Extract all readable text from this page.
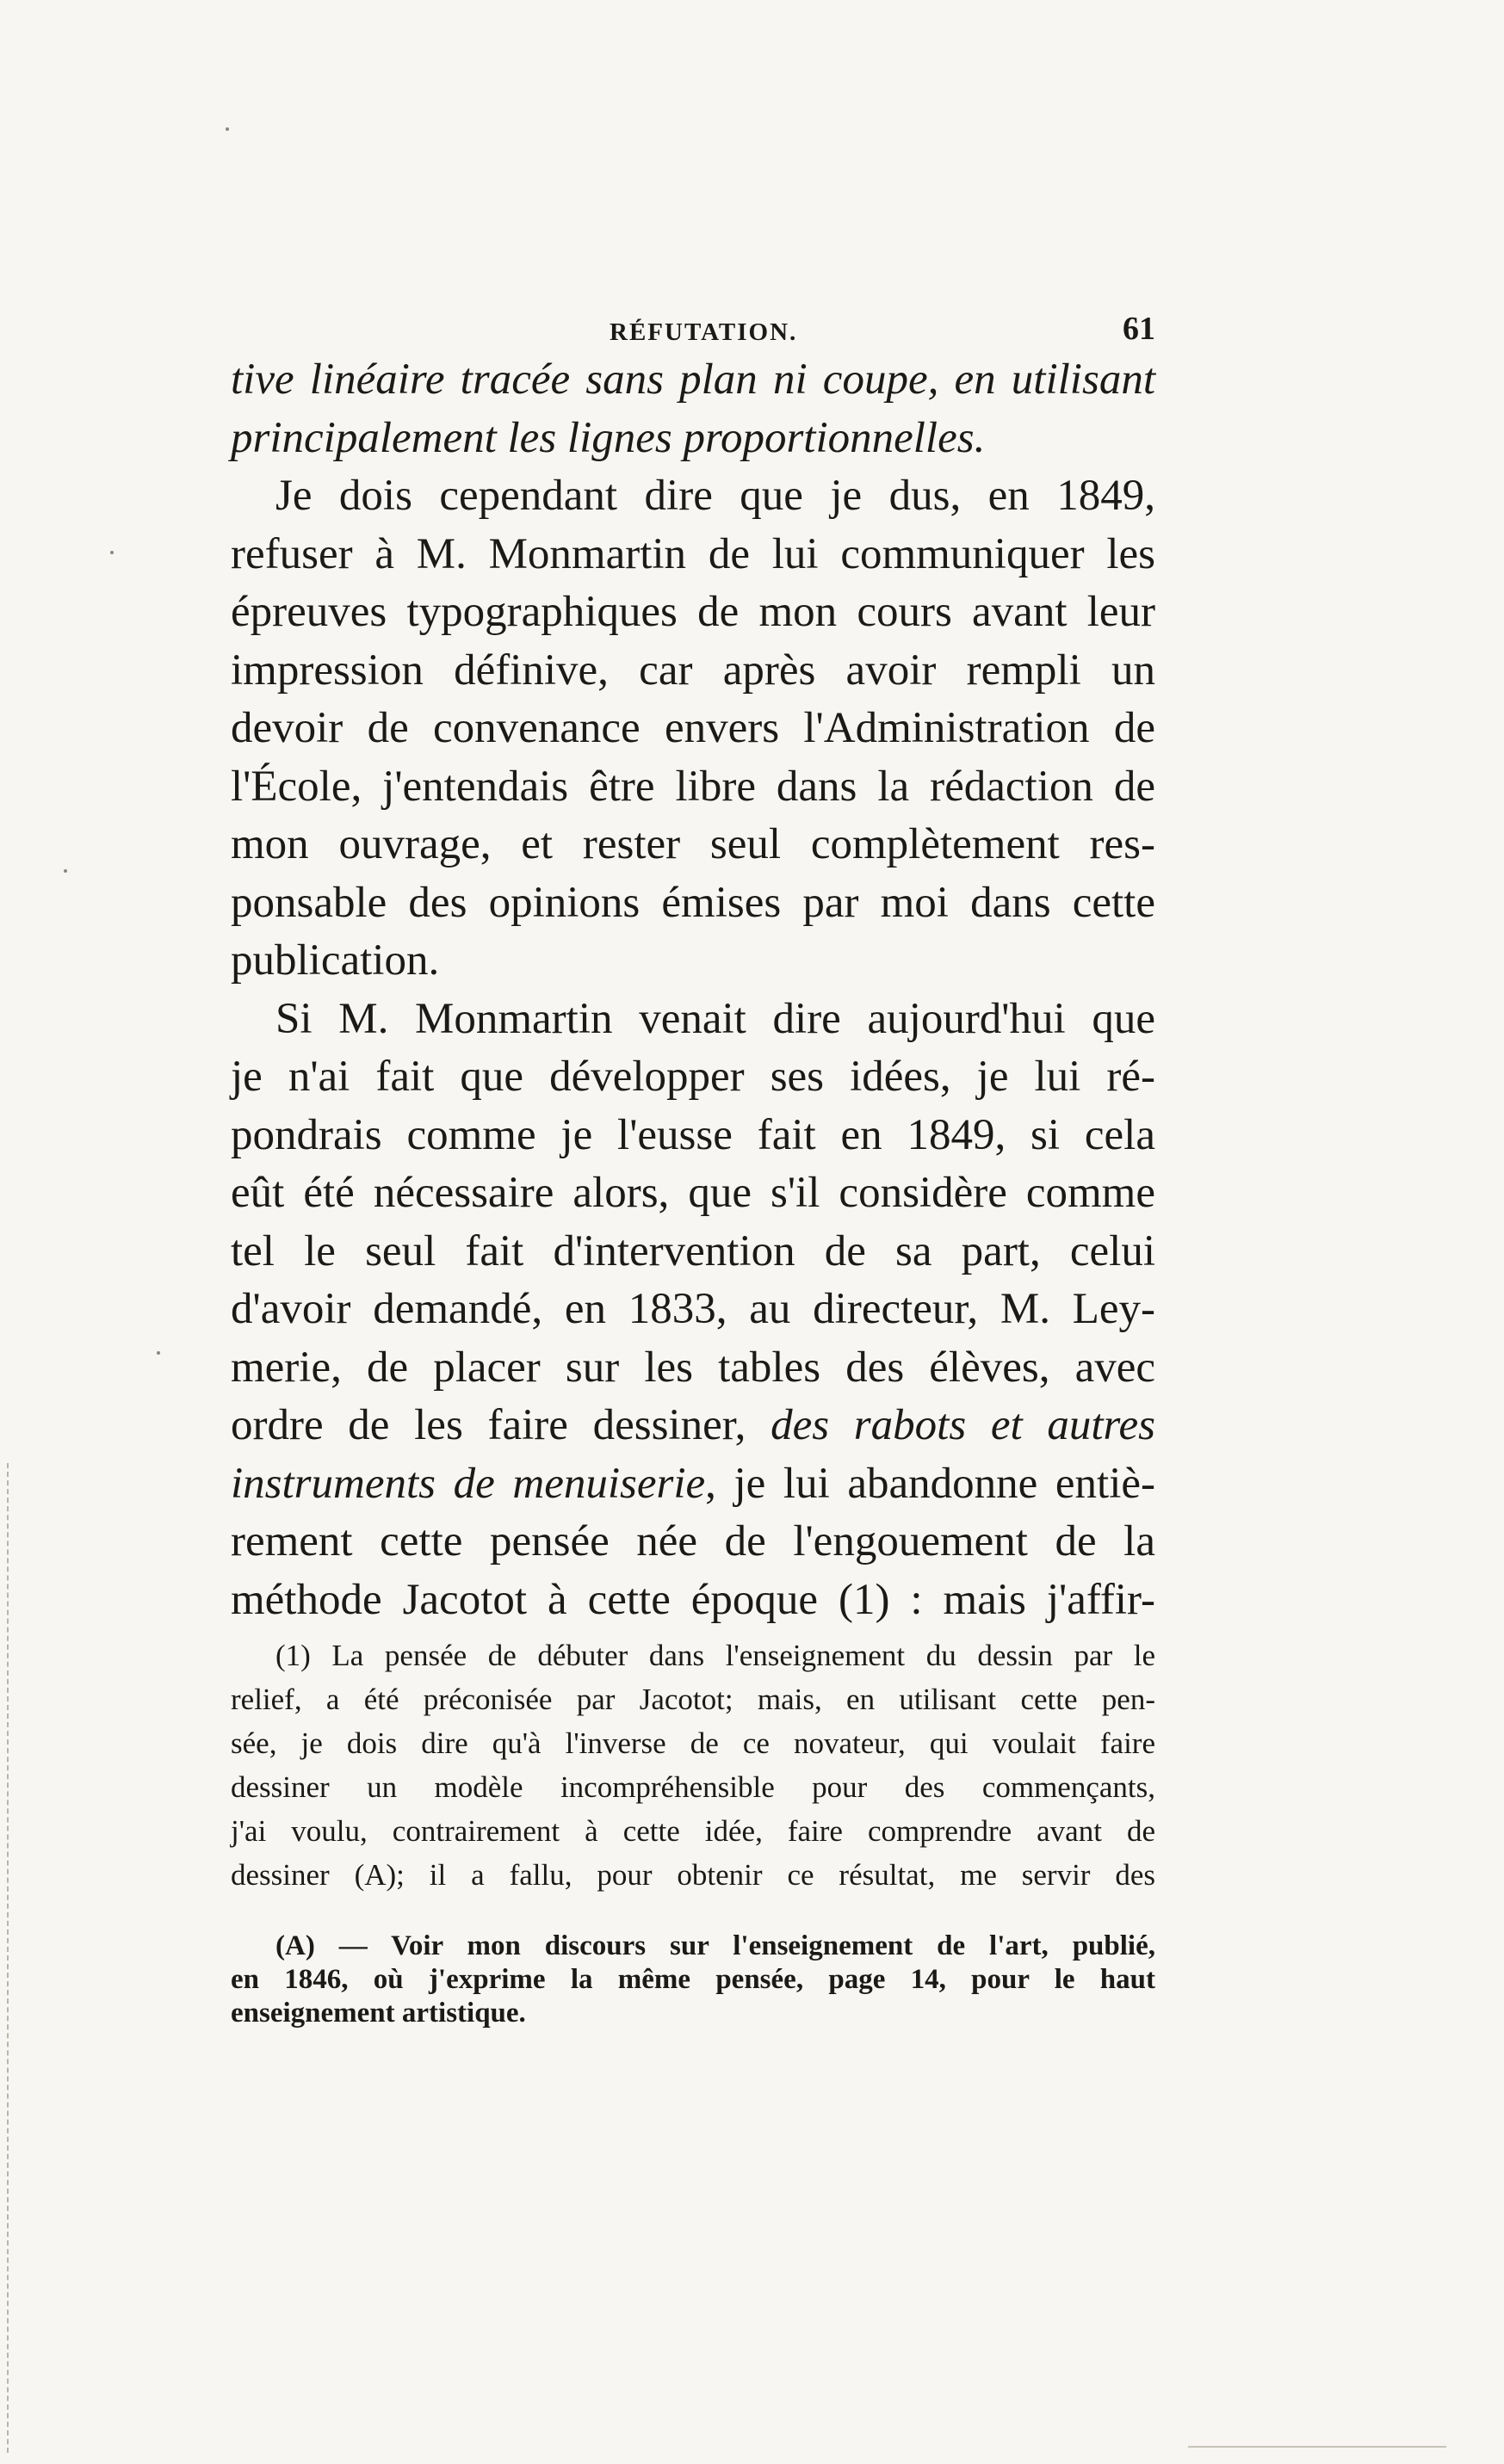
RÉFUTATION.	61
tive linéaire tracée sans plan ni coupe, en utilisant
principalement les lignes proportionnelles.
Je dois cependant dire que je dus, en 1849,
refuser à M. Monmartin de lui communiquer les
épreuves typographiques de mon cours avant leur
impression définive, car après avoir rempli un
devoir de convenance envers l'Administration de
l'École, j'entendais être libre dans la rédaction de
mon ouvrage, et rester seul complètement res-
ponsable des opinions émises par moi dans cette
publication.
Si M. Monmartin venait dire aujourd'hui que
je n'ai fait que développer ses idées, je lui ré-
pondrais comme je l'eusse fait en 1849, si cela
eût été nécessaire alors, que s'il considère comme
tel le seul fait d'intervention de sa part, celui
d'avoir demandé, en 1833, au directeur, M. Ley-
merie, de placer sur les tables des élèves, avec
ordre de les faire dessiner, des rabots et autres
instruments de menuiserie, je lui abandonne entiè-
rement cette pensée née de l'engouement de la
méthode Jacotot à cette époque (1) : mais j'affir-
(1) La pensée de débuter dans l'enseignement du dessin par le
relief, a été préconisée par Jacotot; mais, en utilisant cette pen-
sée, je dois dire qu'à l'inverse de ce novateur, qui voulait faire
dessiner un modèle incompréhensible pour des commençants,
j'ai voulu, contrairement à cette idée, faire comprendre avant de
dessiner (A); il a fallu, pour obtenir ce résultat, me servir des
(A) — Voir mon discours sur l'enseignement de l'art, publié,
en 1846, où j'exprime la même pensée, page 14, pour le haut
enseignement artistique.
